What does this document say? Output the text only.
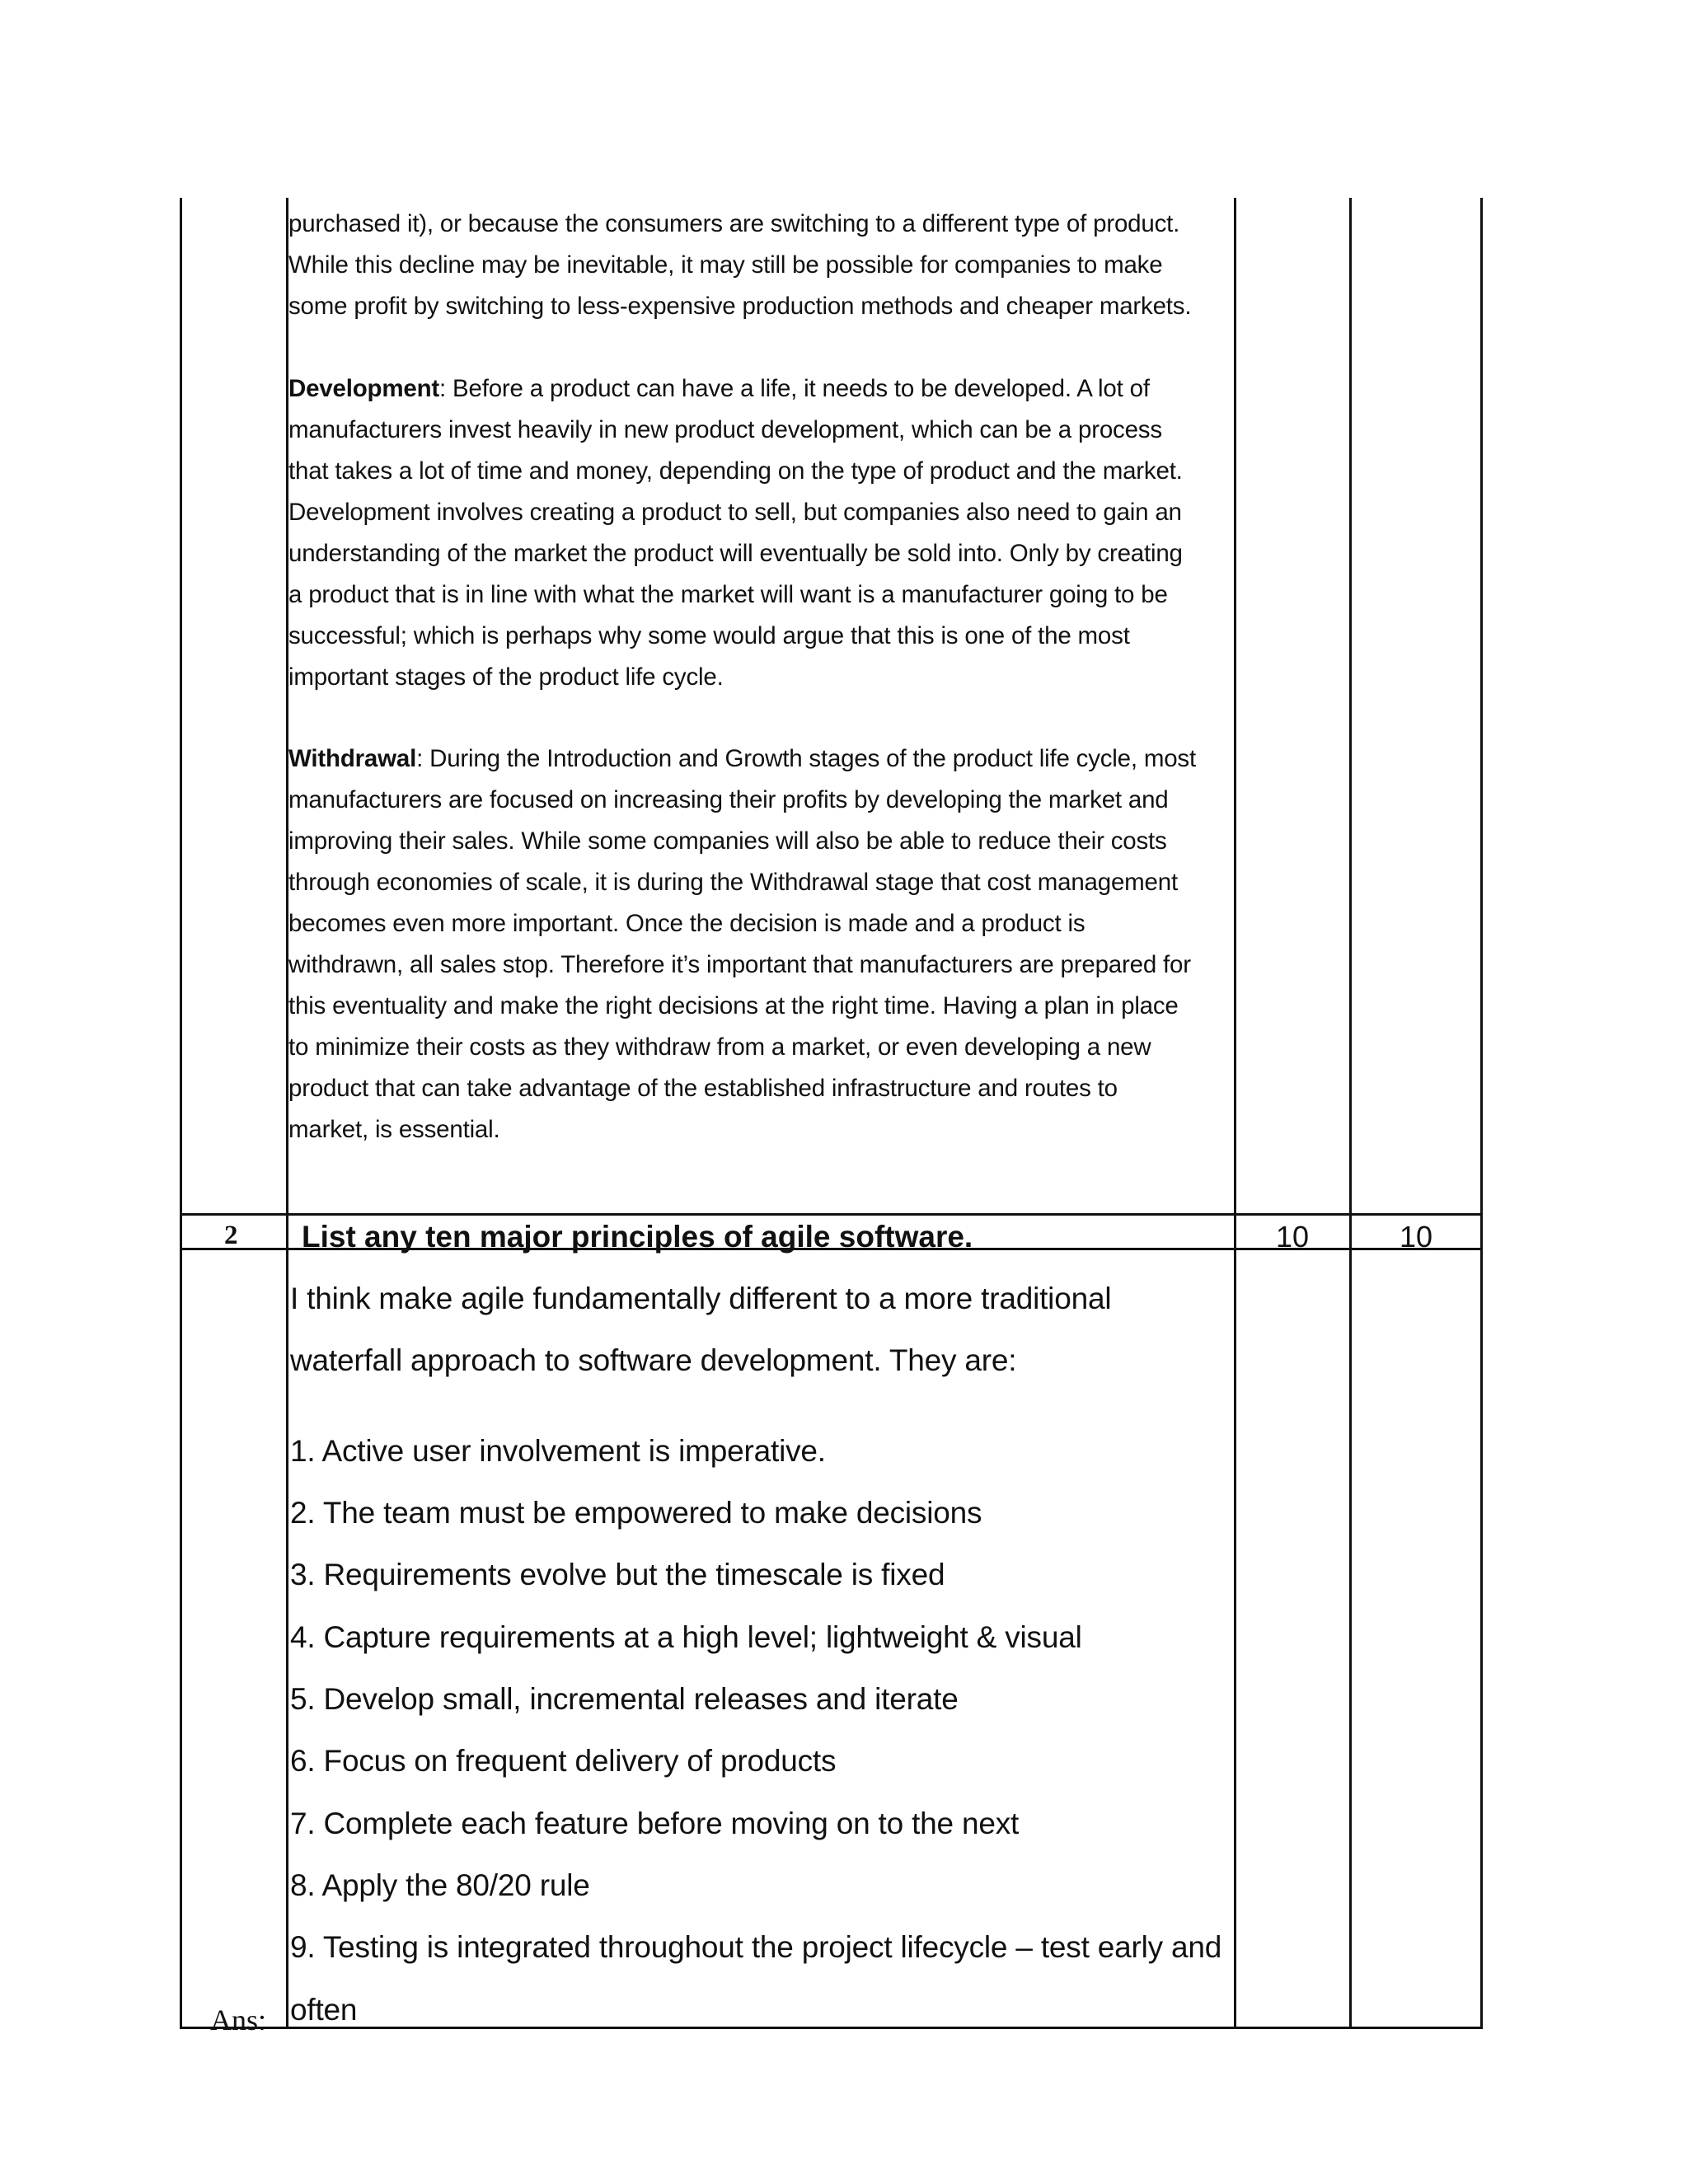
purchased it), or because the consumers are switching to a different type of product.
While this decline may be inevitable, it may still be possible for companies to make
some profit by switching to less-expensive production methods and cheaper markets.
Development: Before a product can have a life, it needs to be developed. A lot of
manufacturers invest heavily in new product development, which can be a process
that takes a lot of time and money, depending on the type of product and the market.
Development involves creating a product to sell, but companies also need to gain an
understanding of the market the product will eventually be sold into. Only by creating
a product that is in line with what the market will want is a manufacturer going to be
successful; which is perhaps why some would argue that this is one of the most
important stages of the product life cycle.
Withdrawal: During the Introduction and Growth stages of the product life cycle, most
manufacturers are focused on increasing their profits by developing the market and
improving their sales. While some companies will also be able to reduce their costs
through economies of scale, it is during the Withdrawal stage that cost management
becomes even more important. Once the decision is made and a product is
withdrawn, all sales stop. Therefore it’s important that manufacturers are prepared for
this eventuality and make the right decisions at the right time. Having a plan in place
to minimize their costs as they withdraw from a market, or even developing a new
product that can take advantage of the established infrastructure and routes to
market, is essential.
2 List any ten major principles of agile software.	10	10
I think make agile fundamentally different to a more traditional
waterfall approach to software development. They are:
1. Active user involvement is imperative.
2. The team must be empowered to make decisions
3. Requirements evolve but the timescale is fixed
4. Capture requirements at a high level; lightweight & visual
5. Develop small, incremental releases and iterate
6. Focus on frequent delivery of products
7. Complete each feature before moving on to the next
8. Apply the 80/20 rule
9. Testing is integrated throughout the project lifecycle – test early and
often
Ans:
